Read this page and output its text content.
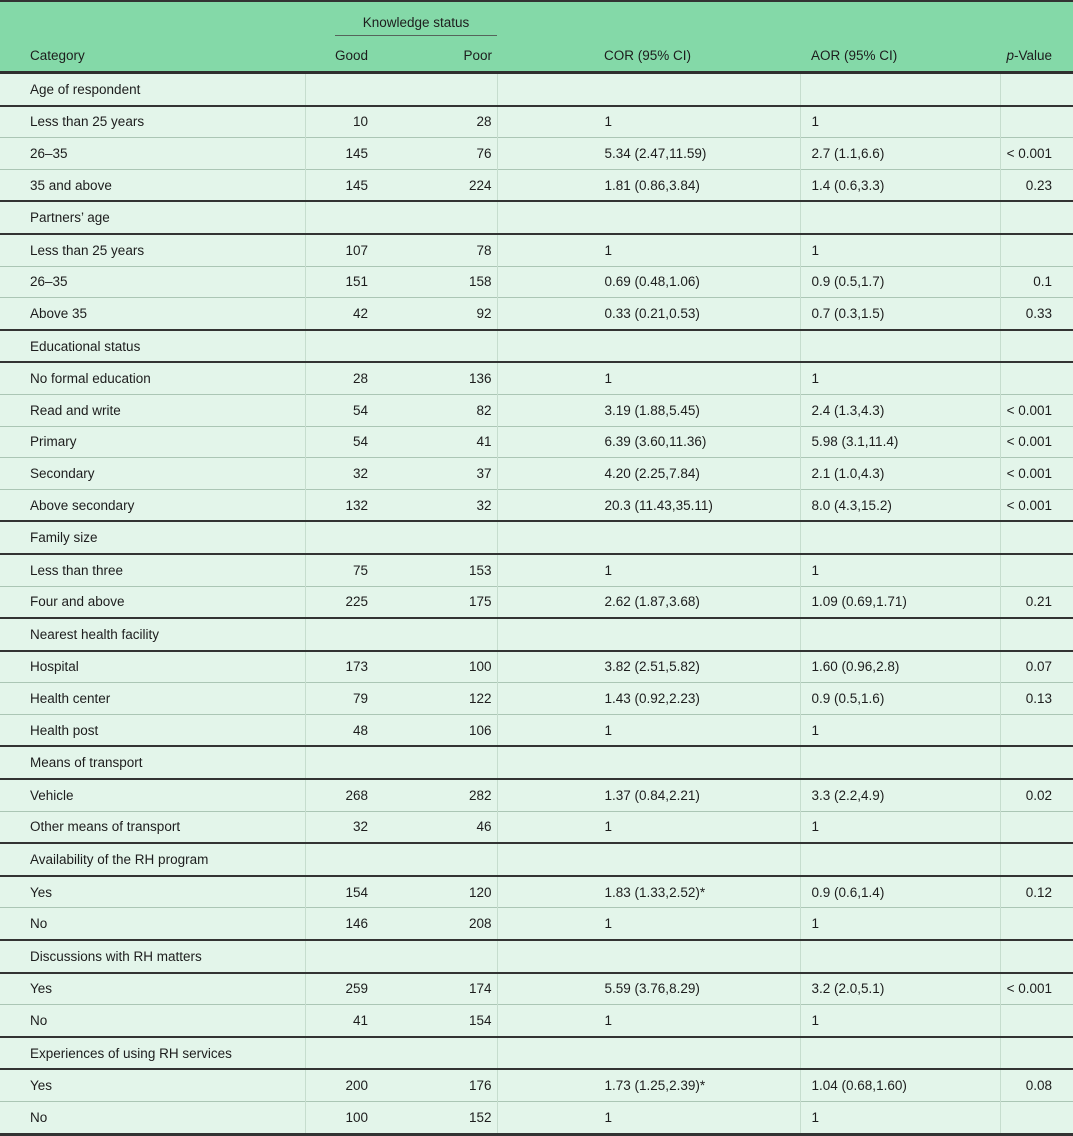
	Knowledge status				

Category	Good	Poor	COR (95% CI)	AOR (95% CI)	p-Value
Age of respondent					
Less than 25 years	10	28	1	1	
26–35	145	76	5.34 (2.47,11.59)	2.7 (1.1,6.6)	< 0.001
35 and above	145	224	1.81 (0.86,3.84)	1.4 (0.6,3.3)	0.23
Partners’ age					
Less than 25 years	107	78	1	1	
26–35	151	158	0.69 (0.48,1.06)	0.9 (0.5,1.7)	0.1
Above 35	42	92	0.33 (0.21,0.53)	0.7 (0.3,1.5)	0.33
Educational status					
No formal education	28	136	1	1	
Read and write	54	82	3.19 (1.88,5.45)	2.4 (1.3,4.3)	< 0.001
Primary	54	41	6.39 (3.60,11.36)	5.98 (3.1,11.4)	< 0.001
Secondary	32	37	4.20 (2.25,7.84)	2.1 (1.0,4.3)	< 0.001
Above secondary	132	32	20.3 (11.43,35.11)	8.0 (4.3,15.2)	< 0.001
Family size					
Less than three	75	153	1	1	
Four and above	225	175	2.62 (1.87,3.68)	1.09 (0.69,1.71)	0.21
Nearest health facility					
Hospital	173	100	3.82 (2.51,5.82)	1.60 (0.96,2.8)	0.07
Health center	79	122	1.43 (0.92,2.23)	0.9 (0.5,1.6)	0.13
Health post	48	106	1	1	
Means of transport					
Vehicle	268	282	1.37 (0.84,2.21)	3.3 (2.2,4.9)	0.02
Other means of transport	32	46	1	1	
Availability of the RH program					
Yes	154	120	1.83 (1.33,2.52)*	0.9 (0.6,1.4)	0.12
No	146	208	1	1	
Discussions with RH matters					
Yes	259	174	5.59 (3.76,8.29)	3.2 (2.0,5.1)	< 0.001
No	41	154	1	1	
Experiences of using RH services					
Yes	200	176	1.73 (1.25,2.39)*	1.04 (0.68,1.60)	0.08
No	100	152	1	1	
